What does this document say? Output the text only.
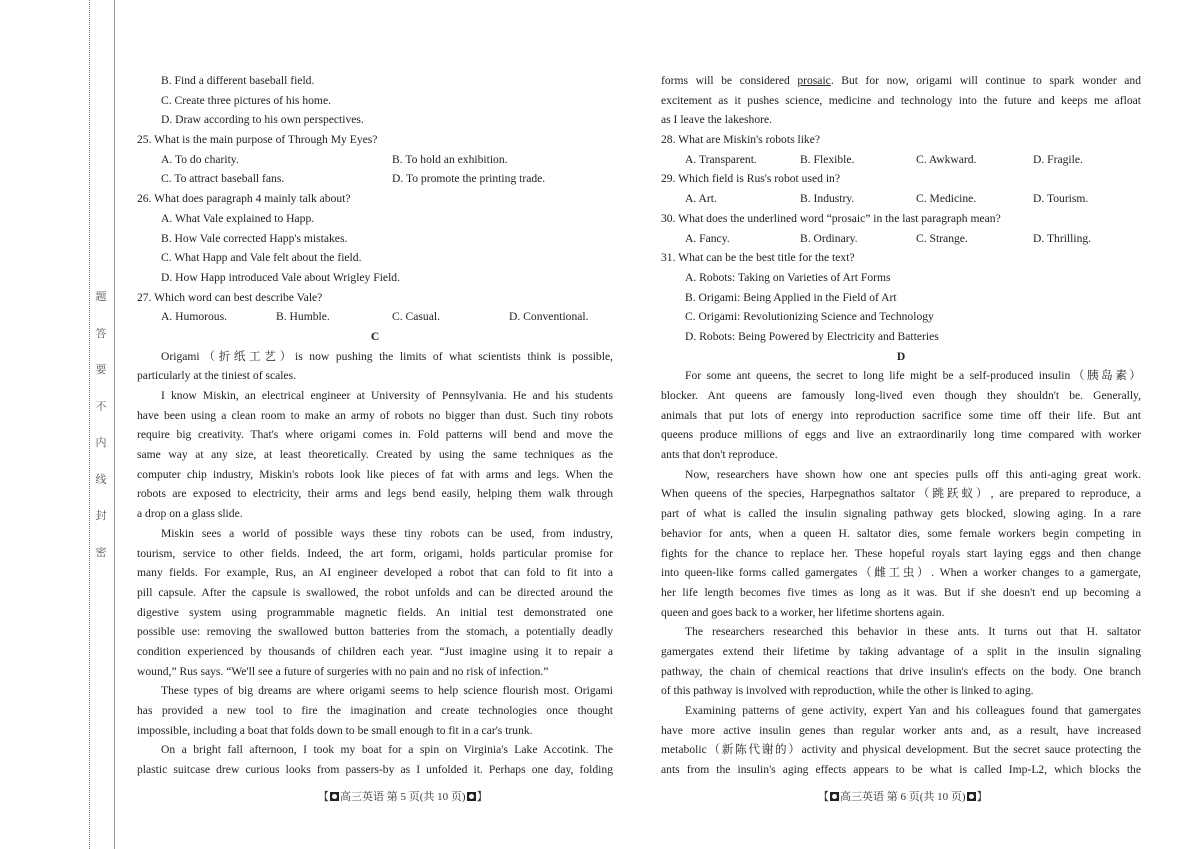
题
答
要
不
内
线
封
密
B. Find a different baseball field.
C. Create three pictures of his home.
D. Draw according to his own perspectives.
25. What is the main purpose of Through My Eyes?
A. To do charity.	B. To hold an exhibition.
C. To attract baseball fans.	D. To promote the printing trade.
26. What does paragraph 4 mainly talk about?
A. What Vale explained to Happ.
B. How Vale corrected Happ's mistakes.
C. What Happ and Vale felt about the field.
D. How Happ introduced Vale about Wrigley Field.
27. Which word can best describe Vale?
A. Humorous.	B. Humble.	C. Casual.	D. Conventional.
C
Origami（折纸工艺）is now pushing the limits of what scientists think is possible,
particularly at the tiniest of scales.
I know Miskin, an electrical engineer at University of Pennsylvania. He and his students
have been using a clean room to make an army of robots no bigger than dust. Such tiny robots
require big creativity. That's where origami comes in. Fold patterns will bend and move the
same way at any size, at least theoretically. Created by using the same techniques as the
computer chip industry, Miskin's robots look like pieces of fat with arms and legs. When the
robots are exposed to electricity, their arms and legs bend easily, helping them walk through
a drop on a glass slide.
Miskin sees a world of possible ways these tiny robots can be used, from industry,
tourism, service to other fields. Indeed, the art form, origami, holds particular promise for
many fields. For example, Rus, an AI engineer developed a robot that can fold to fit into a
pill capsule. After the capsule is swallowed, the robot unfolds and can be directed around the
digestive system using programmable magnetic fields. An initial test demonstrated one
possible use: removing the swallowed button batteries from the stomach, a potentially deadly
condition experienced by thousands of children each year. “Just imagine using it to repair a
wound,” Rus says. “We'll see a future of surgeries with no pain and no risk of infection.”
These types of big dreams are where origami seems to help science flourish most. Origami
has provided a new tool to fire the imagination and create technologies once thought
impossible, including a boat that folds down to be small enough to fit in a car's trunk.
On a bright fall afternoon, I took my boat for a spin on Virginia's Lake Accotink. The
plastic suitcase drew curious looks from passers-by as I unfolded it. Perhaps one day, folding
forms will be considered prosaic. But for now, origami will continue to spark wonder and
excitement as it pushes science, medicine and technology into the future and keeps me afloat
as I leave the lakeshore.
28. What are Miskin's robots like?
A. Transparent.	B. Flexible.	C. Awkward.	D. Fragile.
29. Which field is Rus's robot used in?
A. Art.	B. Industry.	C. Medicine.	D. Tourism.
30. What does the underlined word “prosaic” in the last paragraph mean?
A. Fancy.	B. Ordinary.	C. Strange.	D. Thrilling.
31. What can be the best title for the text?
A. Robots: Taking on Varieties of Art Forms
B. Origami: Being Applied in the Field of Art
C. Origami: Revolutionizing Science and Technology
D. Robots: Being Powered by Electricity and Batteries
D
For some ant queens, the secret to long life might be a self-produced insulin（胰岛素）
blocker. Ant queens are famously long-lived even though they shouldn't be. Generally,
animals that put lots of energy into reproduction sacrifice some time off their life. But ant
queens produce millions of eggs and live an extraordinarily long time compared with worker
ants that don't reproduce.
Now, researchers have shown how one ant species pulls off this anti-aging great work.
When queens of the species, Harpegnathos saltator（跳跃蚁）, are prepared to reproduce, a
part of what is called the insulin signaling pathway gets blocked, slowing aging. In a rare
behavior for ants, when a queen H. saltator dies, some female workers begin competing in
fights for the chance to replace her. These hopeful royals start laying eggs and then change
into queen-like forms called gamergates（雌工虫）. When a worker changes to a gamergate,
her life length becomes five times as long as it was. But if she doesn't end up becoming a
queen and goes back to a worker, her lifetime shortens again.
The researchers researched this behavior in these ants. It turns out that H. saltator
gamergates extend their lifetime by taking advantage of a split in the insulin signaling
pathway, the chain of chemical reactions that drive insulin's effects on the body. One branch
of this pathway is involved with reproduction, while the other is linked to aging.
Examining patterns of gene activity, expert Yan and his colleagues found that gamergates
have more active insulin genes than regular worker ants and, as a result, have increased
metabolic（新陈代谢的）activity and physical development. But the secret sauce protecting the
ants from the insulin's aging effects appears to be what is called Imp-L2, which blocks the
【 高三英语 第 5 页(共 10 页) 】	【 高三英语 第 6 页(共 10 页) 】
